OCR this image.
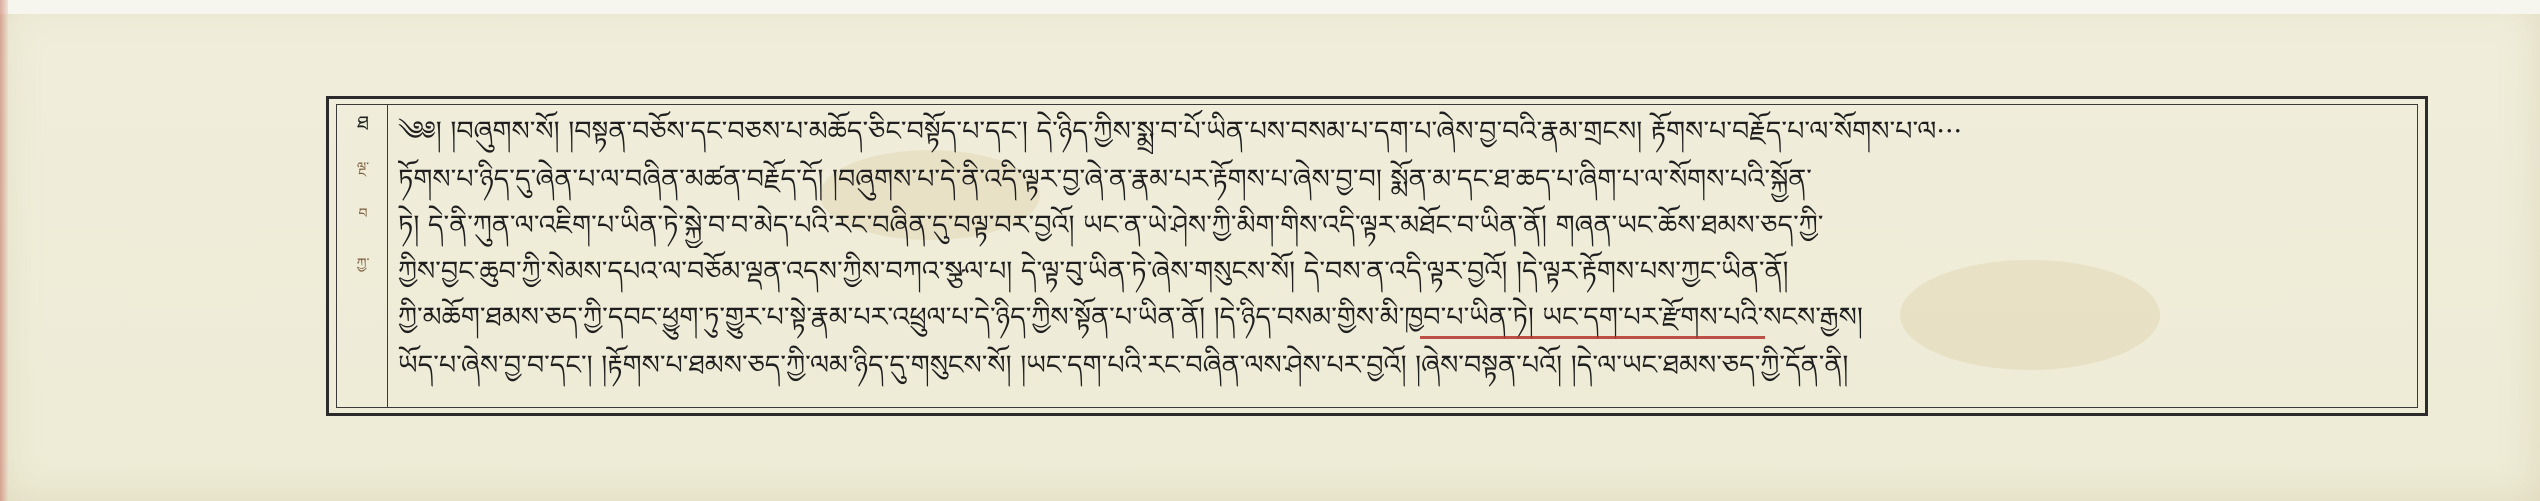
ཐ
ལྔ་
བ
ཀྱ་
༄༅། །བཞུགས་སོ། །བསྟན་བཅོས་དང་བཅས་པ་མཆོད་ཅིང་བསྟོད་པ་དང་། དེ་ཉིད་ཀྱིས་སྨྲ་བ་པོ་ཡིན་པས་བསམ་པ་དག་པ་ཞེས་བྱ་བའི་རྣམ་གྲངས། རྟོགས་པ་བརྗོད་པ་ལ་སོགས་པ་ལ···
ཏོགས་པ་ཉིད་དུ་ཞེན་པ་ལ་བཞིན་མཚན་བརྗོད་དོ། །བཞུགས་པ་དེ་ནི་འདི་ལྟར་བྱ་ཞེ་ན་རྣམ་པར་རྟོགས་པ་ཞེས་བྱ་བ། སྨོན་མ་དང་ཐ་ཆད་པ་ཞིག་པ་ལ་སོགས་པའི་སྐྱོན་
ཏེ། དེ་ནི་ཀུན་ལ་འཇིག་པ་ཡིན་ཏེ་སྐྱེ་བ་བ་མེད་པའི་རང་བཞིན་དུ་བལྟ་བར་བྱའོ། ཡང་ན་ཡེ་ཤེས་ཀྱི་མིག་གིས་འདི་ལྟར་མཐོང་བ་ཡིན་ནོ། གཞན་ཡང་ཆོས་ཐམས་ཅད་ཀྱི་
ཀྱིས་བྱང་ཆུབ་ཀྱི་སེམས་དཔའ་ལ་བཅོམ་ལྡན་འདས་ཀྱིས་བཀའ་སྩལ་པ། དེ་ལྟ་བུ་ཡིན་ཏེ་ཞེས་གསུངས་སོ། དེ་བས་ན་འདི་ལྟར་བྱའོ། །དེ་ལྟར་རྟོགས་པས་ཀྱང་ཡིན་ནོ།
ཀྱི་མཆོག་ཐམས་ཅད་ཀྱི་དབང་ཕྱུག་ཏུ་གྱུར་པ་སྟེ་རྣམ་པར་འཕྲུལ་པ་དེ་ཉིད་ཀྱིས་སྟོན་པ་ཡིན་ནོ། །དེ་ཉིད་བསམ་གྱིས་མི་ཁྱབ་པ་ཡིན་ཏེ། ཡང་དག་པར་རྫོགས་པའི་སངས་རྒྱས།
ཡོད་པ་ཞེས་བྱ་བ་དང་། །རྟོགས་པ་ཐམས་ཅད་ཀྱི་ལམ་ཉིད་དུ་གསུངས་སོ། །ཡང་དག་པའི་རང་བཞིན་ལས་ཤེས་པར་བྱའོ། །ཞེས་བསྟན་པའོ། །དེ་ལ་ཡང་ཐམས་ཅད་ཀྱི་དོན་ནི།
